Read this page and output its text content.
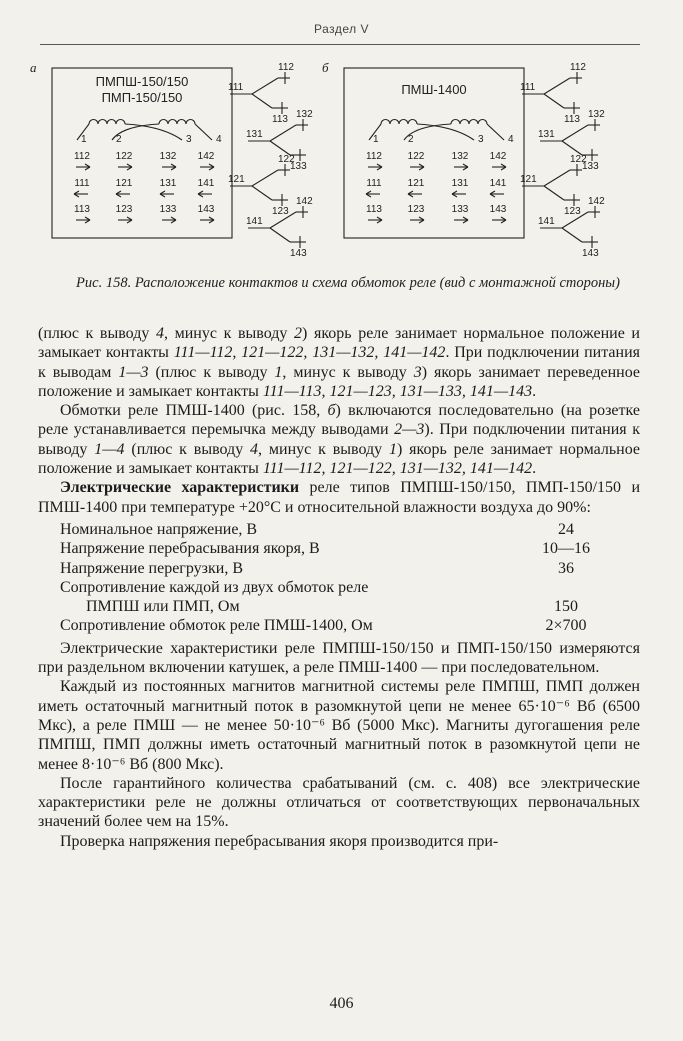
Раздел V
а
ПМПШ-150/150
ПМП-150/150
1	2	3 4
112	122	132 142
111	121	131 141
113	123	133 143
111
112
113
131
132
133
121
122
123
141
142
143
б
ПМШ-1400
1	2	3 4
112	122	132 142
111	121	131 141
113	123	133 143
111
112
113
131
132
133
121
122
123
141
142
143
Рис. 158. Расположение контактов и схема обмоток реле (вид с монтажной стороны)

(плюс к выводу 4, минус к выводу 2) якорь реле занимает нормальное положение и замыкает контакты 111—112, 121—122, 131—132, 141—142. При подключении питания к выводам 1—3 (плюс к выводу 1, минус к выводу 3) якорь занимает переведенное положение и замыкает контакты 111—113, 121—123, 131—133, 141—143.

Обмотки реле ПМШ-1400 (рис. 158, б) включаются последовательно (на розетке реле устанавливается перемычка между выводами 2—3). При подключении питания к выводу 1—4 (плюс к выводу 4, минус к выводу 1) якорь реле занимает нормальное положение и замыкает контакты 111—112, 121—122, 131—132, 141—142.

Электрические характеристики реле типов ПМПШ-150/150, ПМП-150/150 и ПМШ-1400 при температуре +20°С и относительной влажности воздуха до 90%:

Номинальное напряжение, В	24
Напряжение перебрасывания якоря, В	10—16
Напряжение перегрузки, В	36
Сопротивление каждой из двух обмоток реле
ПМПШ или ПМП, Ом	150
Сопротивление обмоток реле ПМШ-1400, Ом	2×700

Электрические характеристики реле ПМПШ-150/150 и ПМП-150/150 измеряются при раздельном включении катушек, а реле ПМШ-1400 — при последовательном.

Каждый из постоянных магнитов магнитной системы реле ПМПШ, ПМП должен иметь остаточный магнитный поток в разомкнутой цепи не менее 65·10⁻⁶ Вб (6500 Мкс), а реле ПМШ — не менее 50·10⁻⁶ Вб (5000 Мкс). Магниты дугогашения реле ПМПШ, ПМП должны иметь остаточный магнитный поток в разомкнутой цепи не менее 8·10⁻⁶ Вб (800 Мкс).

После гарантийного количества срабатываний (см. с. 408) все электрические характеристики реле не должны отличаться от соответствующих первоначальных значений более чем на 15%.

Проверка напряжения перебрасывания якоря производится при-

406
